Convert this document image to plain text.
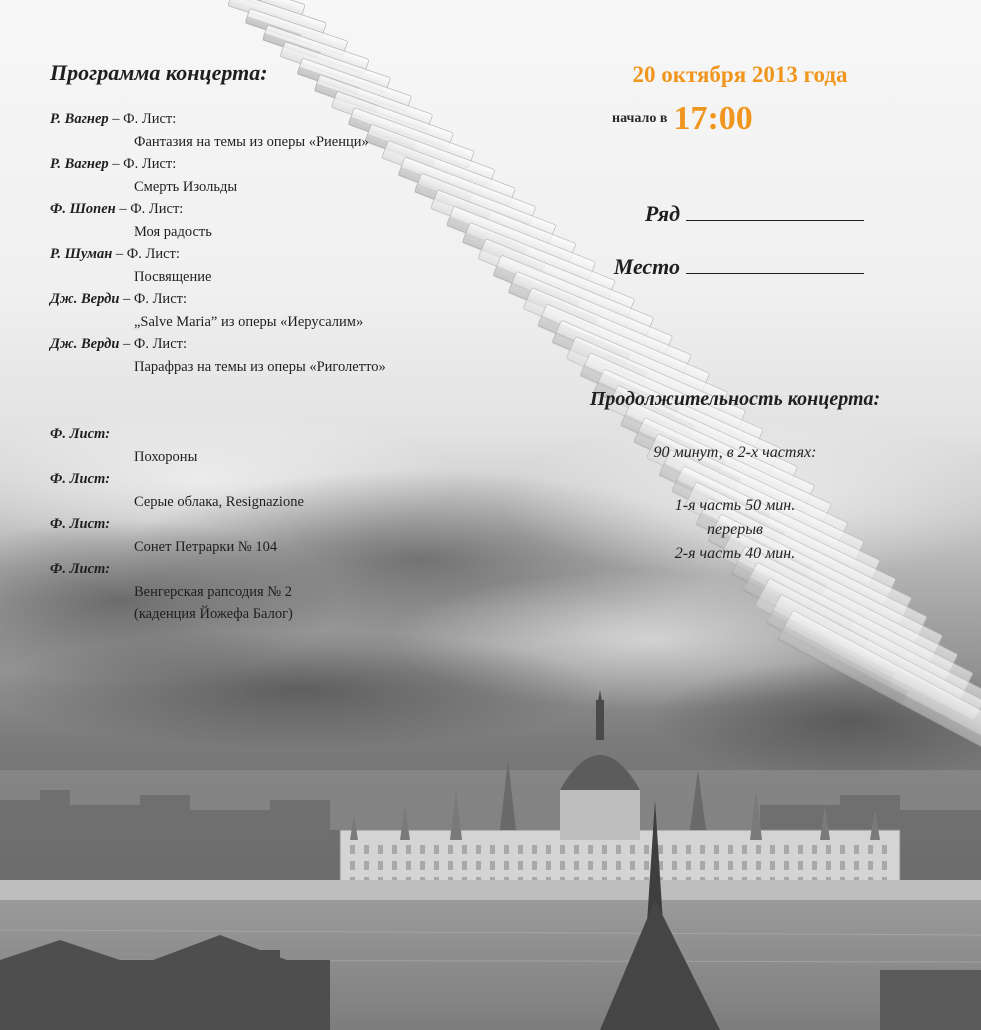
Программа концерта:

Р. Вагнер – Ф. Лист:

Фантазия на темы из оперы «Риенци»

Р. Вагнер – Ф. Лист:

Смерть Изольды

Ф. Шопен – Ф. Лист:

Моя радость

Р. Шуман – Ф. Лист:

Посвящение

Дж. Верди – Ф. Лист:

„Salve Maria” из оперы «Иерусалим»

Дж. Верди – Ф. Лист:

Парафраз на темы из оперы «Риголетто»

Ф. Лист:

Похороны

Ф. Лист:

Серые облака, Resignazione

Ф. Лист:

Сонет Петрарки № 104

Ф. Лист:

Венгерская рапсодия № 2

(каденция Йожефа Балог)

20 октября 2013 года
начало в 17:00
Ряд
Место
Продолжительность концерта:
90 минут, в 2-х частях:
1-я часть 50 мин.
перерыв
2-я часть 40 мин.
